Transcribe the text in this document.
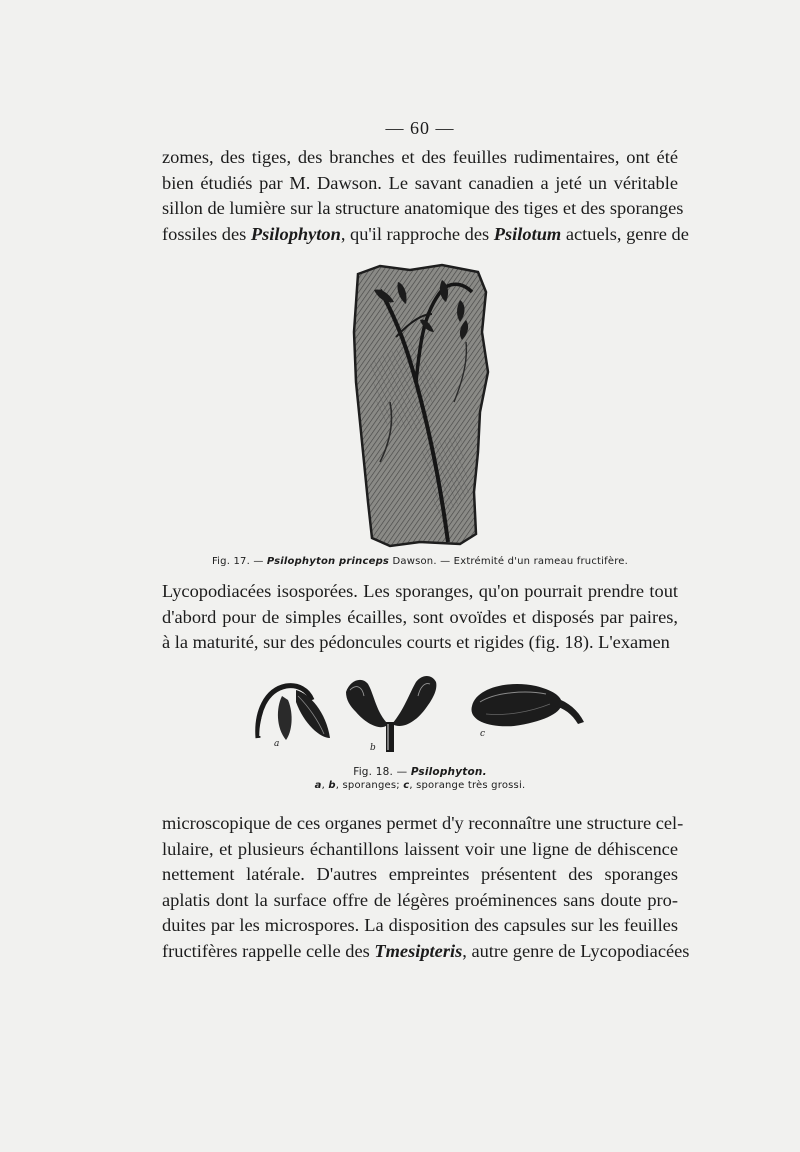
— 60 —
zomes, des tiges, des branches et des feuilles rudimentaires, ont été
bien étudiés par M. Dawson. Le savant canadien a jeté un véritable
sillon de lumière sur la structure anatomique des tiges et des sporanges
fossiles des Psilophyton, qu'il rapproche des Psilotum actuels, genre de
Fig. 17. — Psilophyton princeps Dawson. — Extrémité d'un rameau fructifère.
Lycopodiacées isosporées. Les sporanges, qu'on pourrait prendre tout
d'abord pour de simples écailles, sont ovoïdes et disposés par paires,
à la maturité, sur des pédoncules courts et rigides (fig. 18). L'examen
a	b
c
Fig. 18. — Psilophyton.
a, b, sporanges; c, sporange très grossi.
microscopique de ces organes permet d'y reconnaître une structure cel-
lulaire, et plusieurs échantillons laissent voir une ligne de déhiscence
nettement latérale. D'autres empreintes présentent des sporanges
aplatis dont la surface offre de légères proéminences sans doute pro-
duites par les microspores. La disposition des capsules sur les feuilles
fructifères rappelle celle des Tmesipteris, autre genre de Lycopodiacées
